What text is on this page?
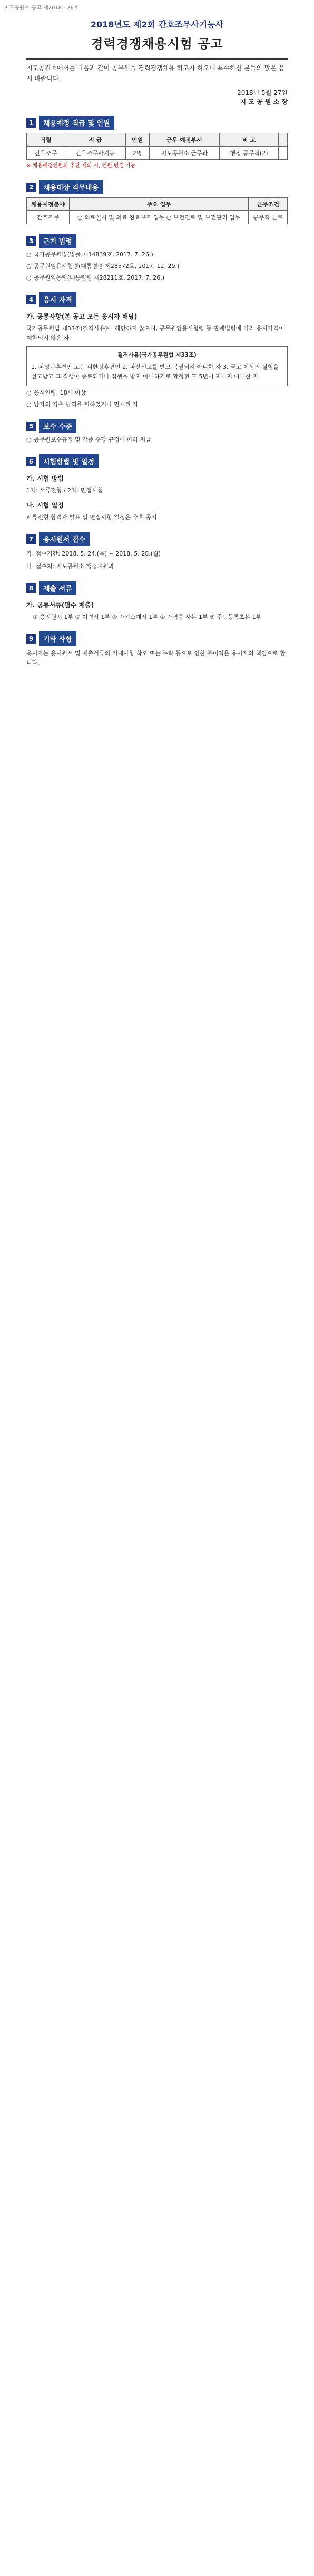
지도공원소 공고 제2018 - 26호
2018년도 제2회 간호조무사기능사
경력경쟁채용시험 공고
지도공원소에서는 다음과 같이 공무원을 경력경쟁채용 하고자 하오니 특수하신 분들의 많은 응시 바랍니다.
2018년 5월 27일
지 도 공 원 소 장
1	채용예정 직급 및 인원
직렬	직 급	인원	근무 예정부서	비 고	
간호조무	간호조무사기능	2명	지도공원소 근무과	행정 공무직(2)	
※ 채용예정인원의 추천 제외 시, 인원 변경 가능
2	채용대상 직무내용
채용예정분야	주요 업무	근무조건
간호조무	○ 의료실시 및 의료 진료보조 업무 ○ 보건진료 및 보건관리 업무	공무직 근로
3	근거 법령
○ 국가공무원법(법률 제14839호, 2017. 7. 26.)
○ 공무원임용시험령(대통령령 제28572호, 2017. 12. 29.)
○ 공무원임용령(대통령령 제28211호, 2017. 7. 26.)
4	응시 자격
가. 공통사항(본 공고 모든 응시자 해당)
국가공무원법 제33조(결격사유)에 해당하지 않으며, 공무원임용시험령 등 관계법령에 따라 응시자격이 제한되지 않은 자
결격사유(국가공무원법 제33조)
1. 피성년후견인 또는 피한정후견인 2. 파산선고를 받고 복권되지 아니한 자 3. 금고 이상의 실형을 선고받고 그 집행이 종료되거나 집행을 받지 아니하기로 확정된 후 5년이 지나지 아니한 자
○ 응시연령: 18세 이상
○ 남자의 경우 병역을 필하였거나 면제된 자
5	보수 수준
○ 공무원보수규정 및 각종 수당 규정에 따라 지급
6	시험방법 및 일정
가. 시험 방법
1차: 서류전형 / 2차: 면접시험
나. 시험 일정
서류전형 합격자 발표 및 면접시험 일정은 추후 공지
7	응시원서 접수
가. 접수기간: 2018. 5. 24.(목) ~ 2018. 5. 28.(월)
나. 접수처: 지도공원소 행정지원과
8	제출 서류
가. 공통서류(필수 제출)
① 응시원서 1부 ② 이력서 1부 ③ 자기소개서 1부 ④ 자격증 사본 1부 ⑤ 주민등록초본 1부
9	기타 사항
응시자는 응시원서 및 제출서류의 기재사항 착오 또는 누락 등으로 인한 불이익은 응시자의 책임으로 합니다.
